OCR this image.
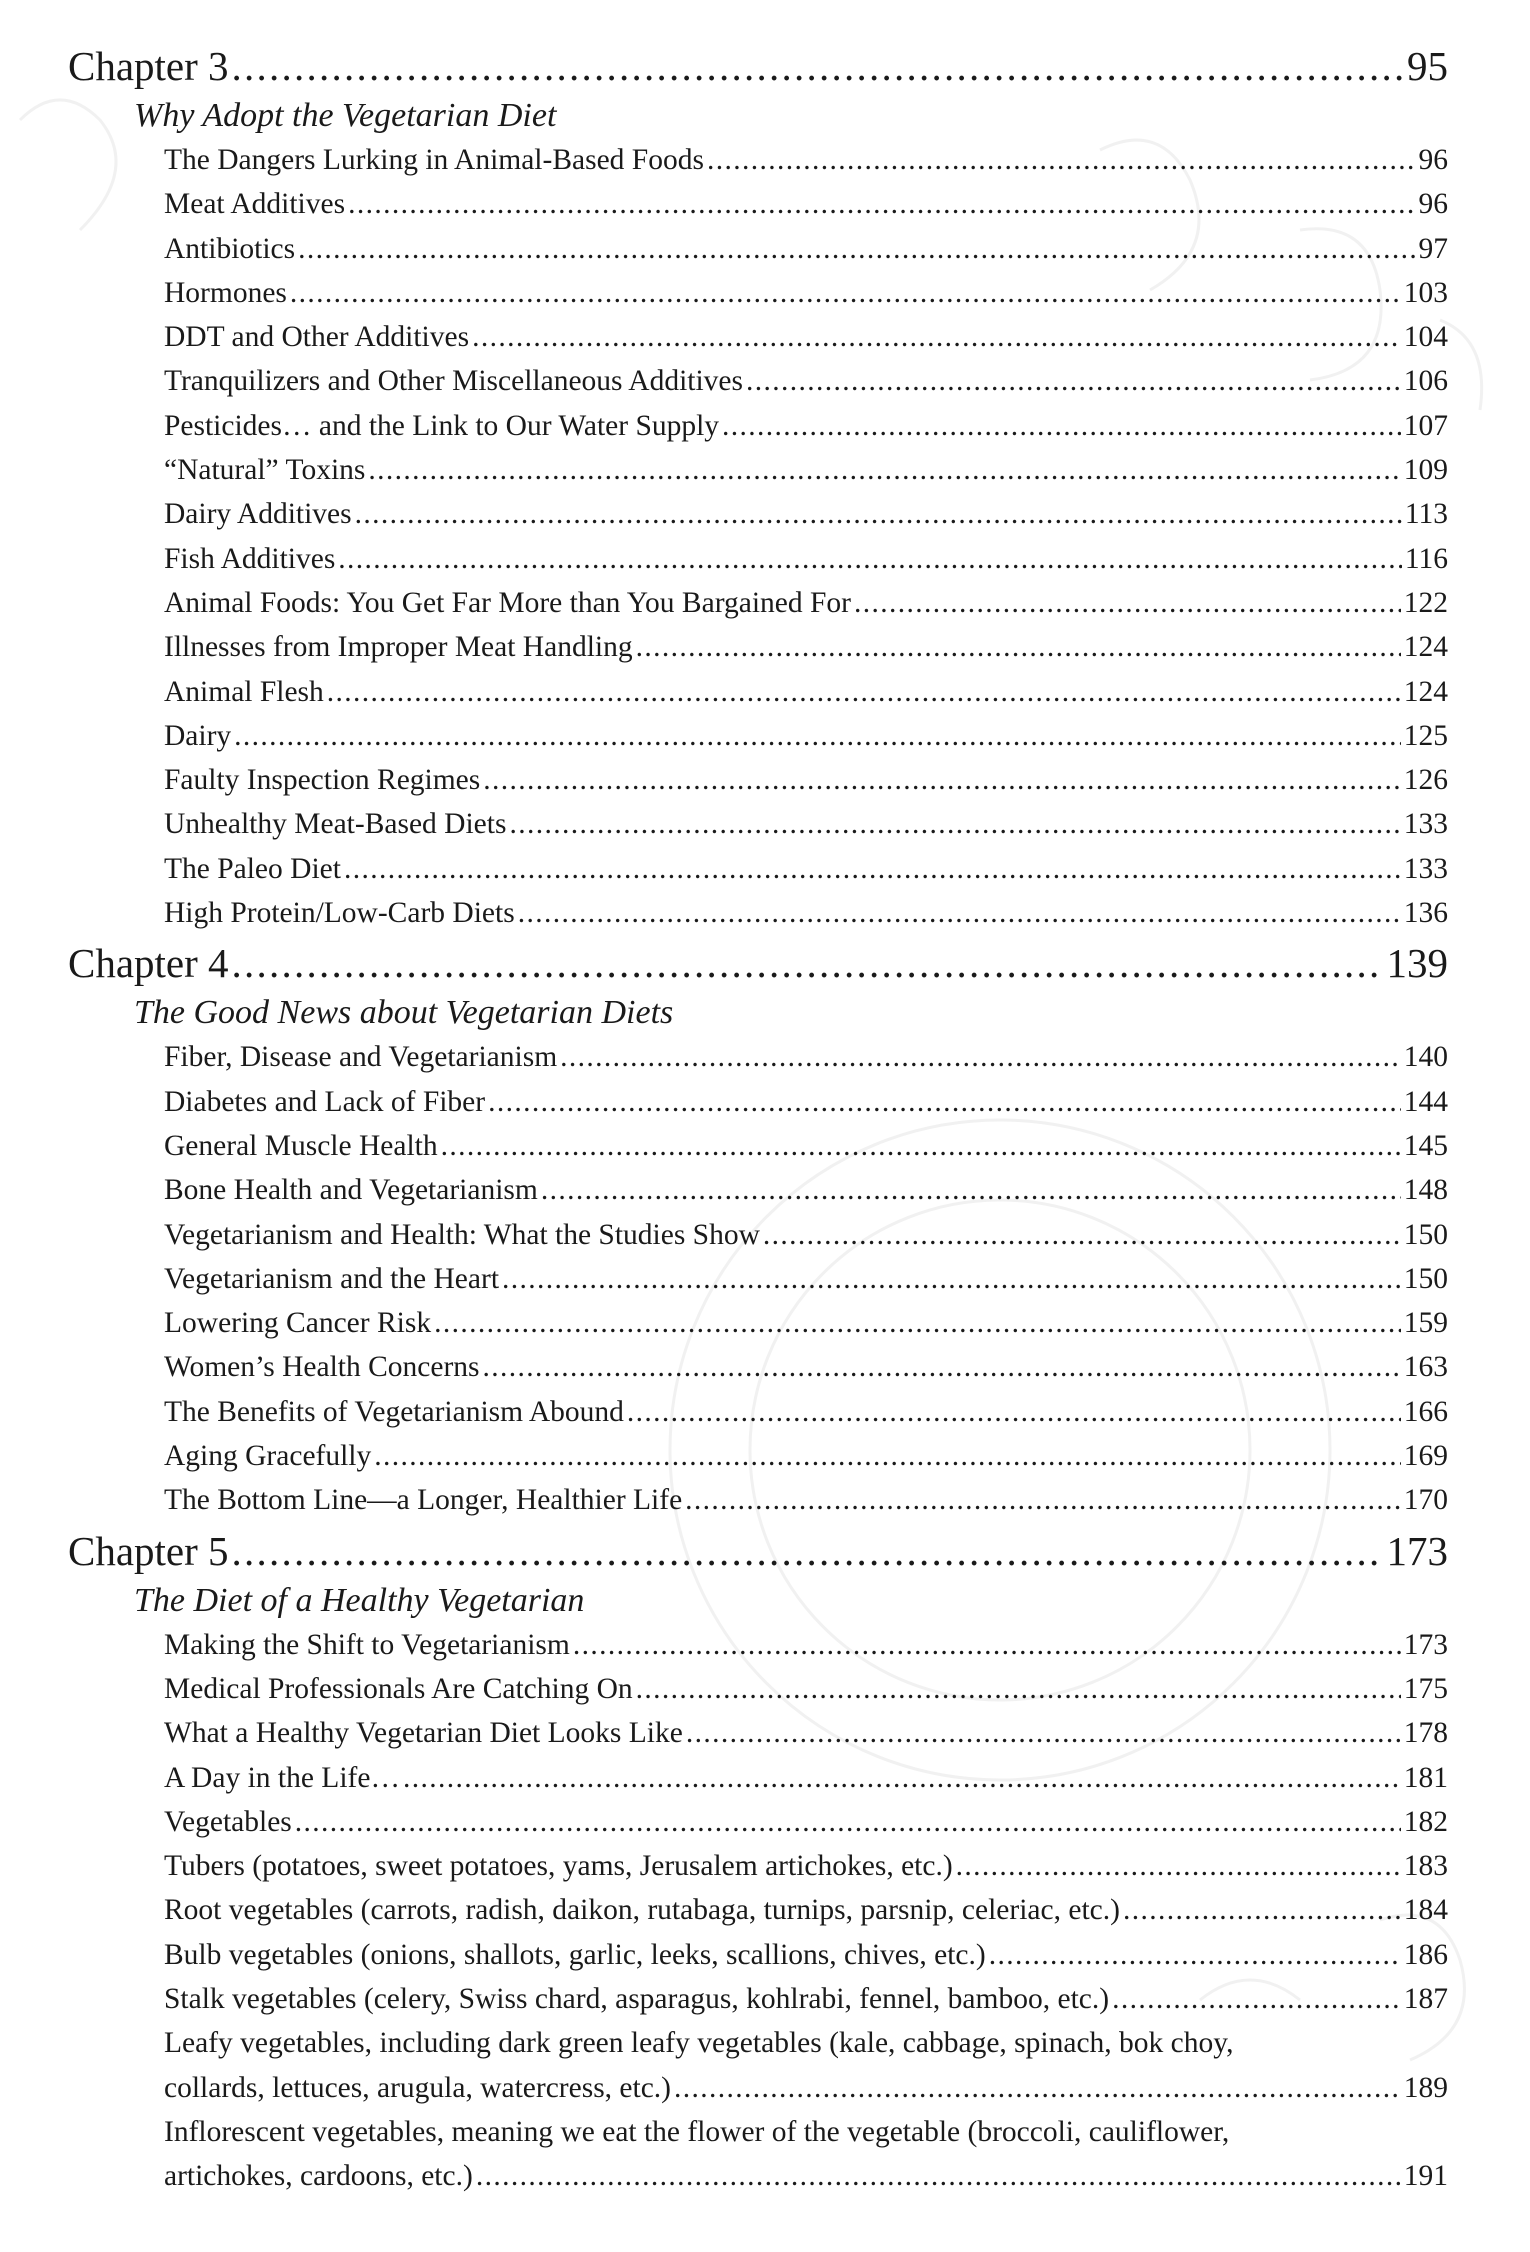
Chapter 3 . . .	95
Why Adopt the Vegetarian Diet
The Dangers Lurking in Animal-Based Foods . . .	96
Meat Additives . . .	96
Antibiotics . . .	97
Hormones . . .	103
DDT and Other Additives . . .	104
Tranquilizers and Other Miscellaneous Additives . . .	106
Pesticides… and the Link to Our Water Supply . . .	107
“Natural” Toxins . . .	109
Dairy Additives . . .	113
Fish Additives . . .	116
Animal Foods: You Get Far More than You Bargained For . . .	122
Illnesses from Improper Meat Handling . . .	124
Animal Flesh . . .	124
Dairy . . .	125
Faulty Inspection Regimes . . .	126
Unhealthy Meat-Based Diets . . .	133
The Paleo Diet . . .	133
High Protein/Low-Carb Diets . . .	136
Chapter 4 . . .	139
The Good News about Vegetarian Diets
Fiber, Disease and Vegetarianism . . .	140
Diabetes and Lack of Fiber . . .	144
General Muscle Health . . .	145
Bone Health and Vegetarianism . . .	148
Vegetarianism and Health: What the Studies Show . . .	150
Vegetarianism and the Heart . . .	150
Lowering Cancer Risk . . .	159
Women’s Health Concerns . . .	163
The Benefits of Vegetarianism Abound . . .	166
Aging Gracefully . . .	169
The Bottom Line—a Longer, Healthier Life . . .	170
Chapter 5 . . .	173
The Diet of a Healthy Vegetarian
Making the Shift to Vegetarianism . . .	173
Medical Professionals Are Catching On . . .	175
What a Healthy Vegetarian Diet Looks Like . . .	178
A Day in the Life… . . .	181
Vegetables . . .	182
Tubers (potatoes, sweet potatoes, yams, Jerusalem artichokes, etc.) . . .	183
Root vegetables (carrots, radish, daikon, rutabaga, turnips, parsnip, celeriac, etc.) . . .	184
Bulb vegetables (onions, shallots, garlic, leeks, scallions, chives, etc.) . . .	186
Stalk vegetables (celery, Swiss chard, asparagus, kohlrabi, fennel, bamboo, etc.) . . .	187
Leafy vegetables, including dark green leafy vegetables (kale, cabbage, spinach, bok choy,
collards, lettuces, arugula, watercress, etc.) . . .	189
Inflorescent vegetables, meaning we eat the flower of the vegetable (broccoli, cauliflower,
artichokes, cardoons, etc.) . . .	191
